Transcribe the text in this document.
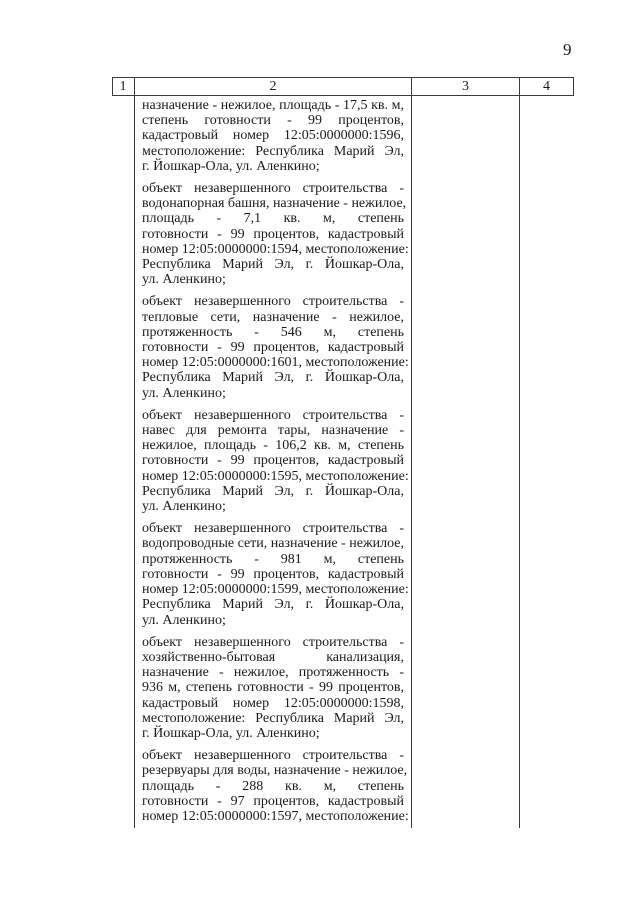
9
1	2	3	4
назначение - нежилое, площадь - 17,5 кв. м,
степень готовности - 99 процентов,
кадастровый номер 12:05:0000000:1596,
местоположение: Республика Марий Эл,
г. Йошкар-Ола, ул. Аленкино;
объект незавершенного строительства -
водонапорная башня, назначение - нежилое,
площадь - 7,1 кв. м, степень
готовности - 99 процентов, кадастровый
номер 12:05:0000000:1594, местоположение:
Республика Марий Эл, г. Йошкар-Ола,
ул. Аленкино;
объект незавершенного строительства -
тепловые сети, назначение - нежилое,
протяженность - 546 м, степень
готовности - 99 процентов, кадастровый
номер 12:05:0000000:1601, местоположение:
Республика Марий Эл, г. Йошкар-Ола,
ул. Аленкино;
объект незавершенного строительства -
навес для ремонта тары, назначение -
нежилое, площадь - 106,2 кв. м, степень
готовности - 99 процентов, кадастровый
номер 12:05:0000000:1595, местоположение:
Республика Марий Эл, г. Йошкар-Ола,
ул. Аленкино;
объект незавершенного строительства -
водопроводные сети, назначение - нежилое,
протяженность - 981 м, степень
готовности - 99 процентов, кадастровый
номер 12:05:0000000:1599, местоположение:
Республика Марий Эл, г. Йошкар-Ола,
ул. Аленкино;
объект незавершенного строительства -
хозяйственно-бытовая канализация,
назначение - нежилое, протяженность -
936 м, степень готовности - 99 процентов,
кадастровый номер 12:05:0000000:1598,
местоположение: Республика Марий Эл,
г. Йошкар-Ола, ул. Аленкино;
объект незавершенного строительства -
резервуары для воды, назначение - нежилое,
площадь - 288 кв. м, степень
готовности - 97 процентов, кадастровый
номер 12:05:0000000:1597, местоположение:
